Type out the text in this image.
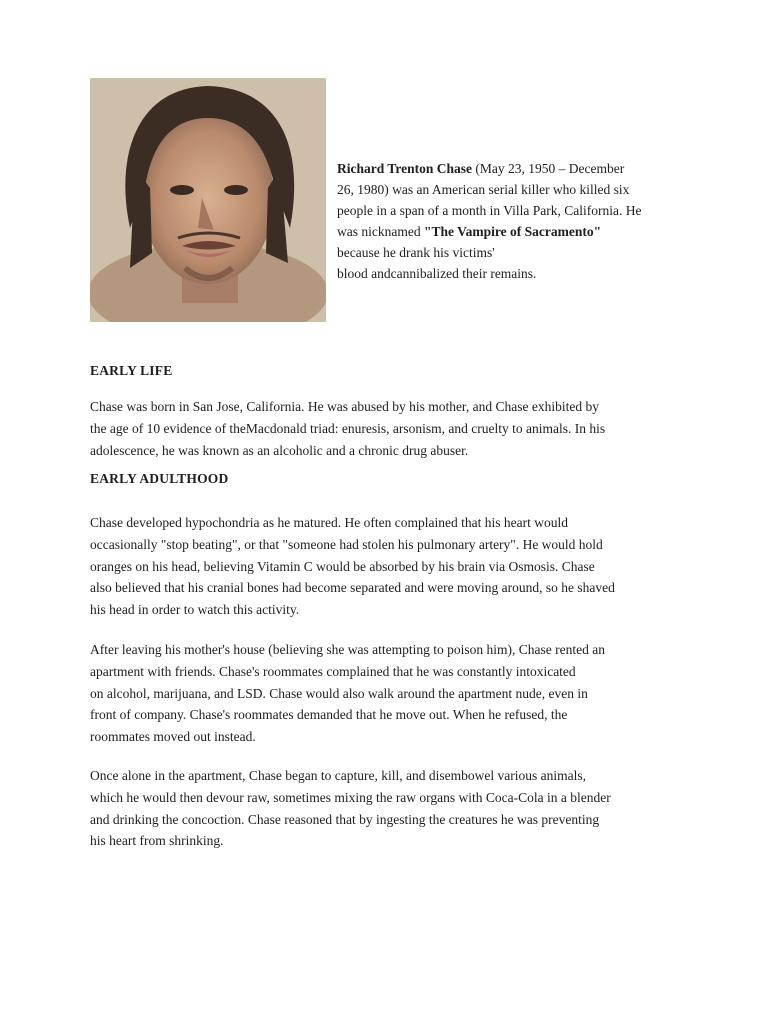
Richard Trenton Chase (May 23, 1950 – December
26, 1980) was an American serial killer who killed six
people in a span of a month in Villa Park, California. He
was nicknamed "The Vampire of Sacramento"
because he drank his victims'
blood andcannibalized their remains.
EARLY LIFE
Chase was born in San Jose, California. He was abused by his mother, and Chase exhibited by
the age of 10 evidence of theMacdonald triad: enuresis, arsonism, and cruelty to animals. In his
adolescence, he was known as an alcoholic and a chronic drug abuser.
EARLY ADULTHOOD
Chase developed hypochondria as he matured. He often complained that his heart would
occasionally "stop beating", or that "someone had stolen his pulmonary artery". He would hold
oranges on his head, believing Vitamin C would be absorbed by his brain via Osmosis. Chase
also believed that his cranial bones had become separated and were moving around, so he shaved
his head in order to watch this activity.
After leaving his mother's house (believing she was attempting to poison him), Chase rented an
apartment with friends. Chase's roommates complained that he was constantly intoxicated
on alcohol, marijuana, and LSD. Chase would also walk around the apartment nude, even in
front of company. Chase's roommates demanded that he move out. When he refused, the
roommates moved out instead.
Once alone in the apartment, Chase began to capture, kill, and disembowel various animals,
which he would then devour raw, sometimes mixing the raw organs with Coca-Cola in a blender
and drinking the concoction. Chase reasoned that by ingesting the creatures he was preventing
his heart from shrinking.
